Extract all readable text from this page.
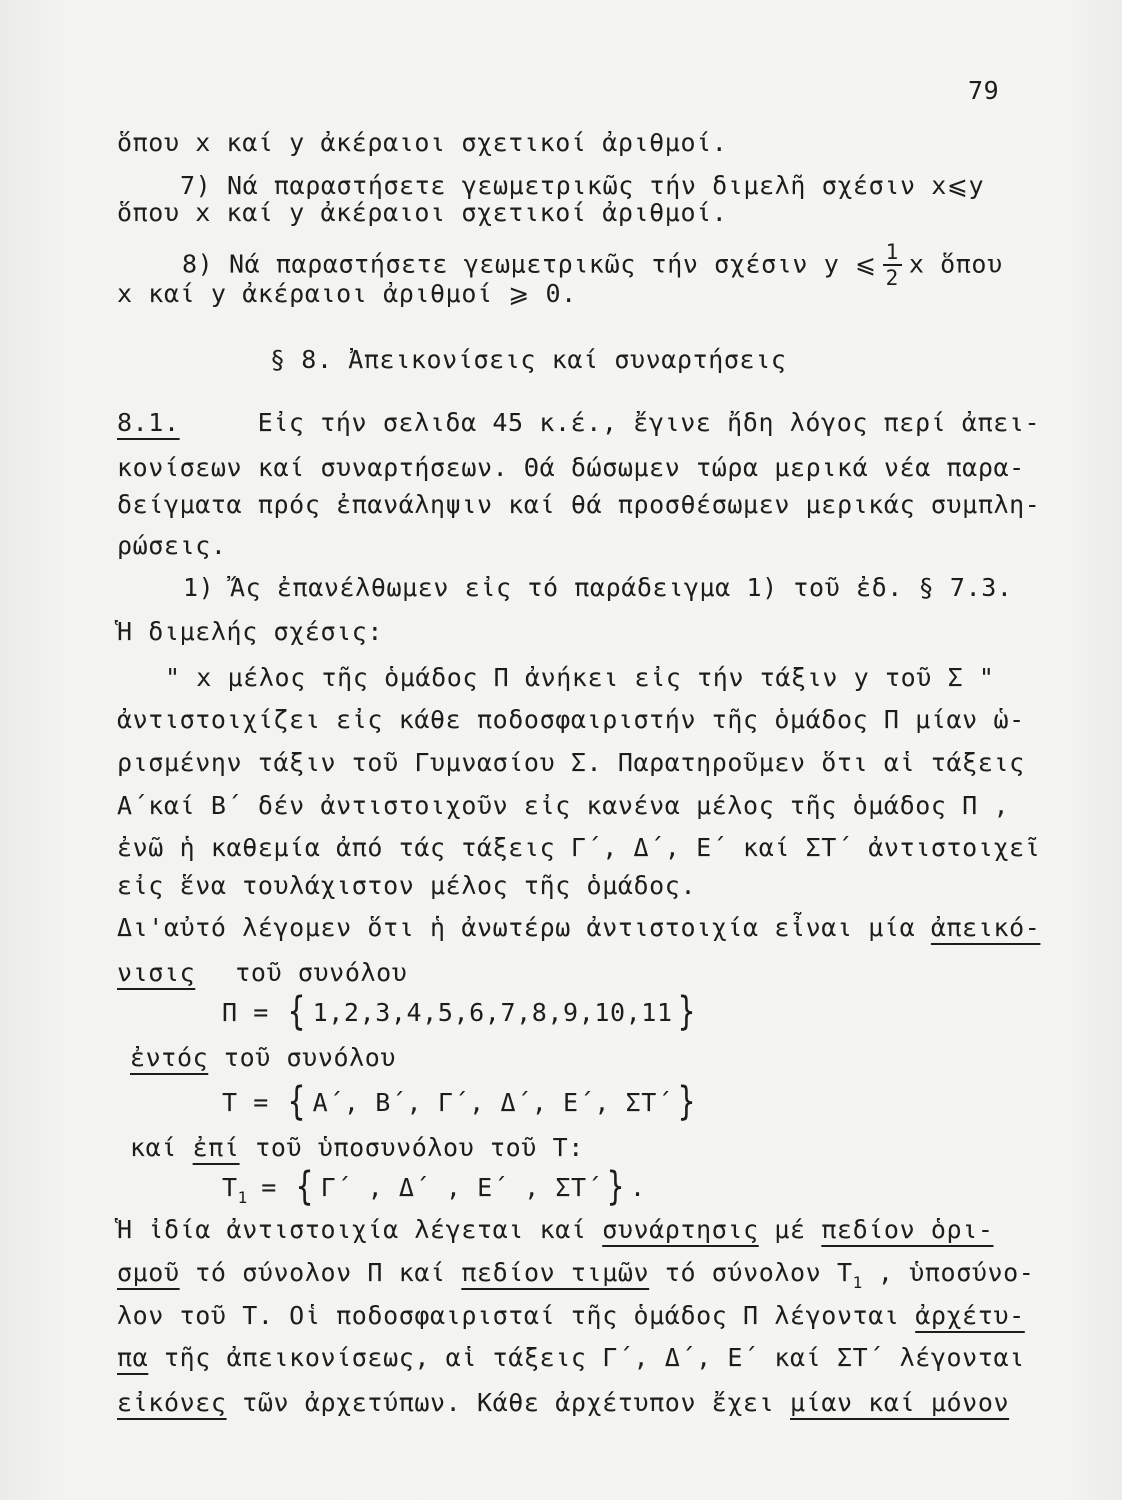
79
ὅπου x καί y ἀκέραιοι σχετικοί ἀριθμοί.
7) Νά παραστήσετε γεωμετρικῶς τήν διμελῆ σχέσιν x⩽y
ὅπου x καί y ἀκέραιοι σχετικοί ἀριθμοί.
8) Νά παραστήσετε γεωμετρικῶς τήν σχέσιν y ⩽ $\frac{1}{2}$ x ὅπου
x καί y ἀκέραιοι ἀριθμοί ⩾ 0.
§ 8. Ἀπεικονίσεις καί συναρτήσεις
8.1.	Εἰς τήν σελιδα 45 κ.έ., ἔγινε ἤδη λόγος περί ἀπει-
κονίσεων καί συναρτήσεων. Θά δώσωμεν τώρα μερικά νέα παρα-
δείγματα πρός ἐπανάληψιν καί θά προσθέσωμεν μερικάς συμπλη-
ρώσεις.
1) Ἄς ἐπανέλθωμεν εἰς τό παράδειγμα 1) τοῦ ἐδ. § 7.3.
Ἡ διμελής σχέσις:
" x μέλος τῆς ὁμάδος Π ἀνήκει εἰς τήν τάξιν y τοῦ Σ "
ἀντιστοιχίζει εἰς κάθε ποδοσφαιριστήν τῆς ὁμάδος Π μίαν ὡ-
ρισμένην τάξιν τοῦ Γυμνασίου Σ. Παρατηροῦμεν ὅτι αἱ τάξεις
Α΄καί Β΄ δέν ἀντιστοιχοῦν εἰς κανένα μέλος τῆς ὁμάδος Π ,
ἐνῶ ἡ καθεμία ἀπό τάς τάξεις Γ΄, Δ΄, Ε΄ καί ΣΤ΄ ἀντιστοιχεῖ
εἰς ἕνα τουλάχιστον μέλος τῆς ὁμάδος.
Δι'αὐτό λέγομεν ὅτι ἡ ἀνωτέρω ἀντιστοιχία εἶναι μία ἀπεικό-
νισις τοῦ συνόλου
Π = { 1,2,3,4,5,6,7,8,9,10,11 }
ἐντός τοῦ συνόλου
Τ = { Α΄, Β΄, Γ΄, Δ΄, Ε΄, ΣΤ΄ }
καί ἐπί τοῦ ὑποσυνόλου τοῦ Τ:
$T_1$ = { Γ΄ , Δ΄ , Ε΄ , ΣΤ΄ } .
Ἡ ἰδία ἀντιστοιχία λέγεται καί συνάρτησις μέ πεδίον ὁρι-
σμοῦ τό σύνολον Π καί πεδίον τιμῶν τό σύνολον $T_1$ , ὑποσύνο-
λον τοῦ Τ. Οἱ ποδοσφαιρισταί τῆς ὁμάδος Π λέγονται ἀρχέτυ-
πα τῆς ἀπεικονίσεως, αἱ τάξεις Γ΄, Δ΄, Ε΄ καί ΣΤ΄ λέγονται
εἰκόνες τῶν ἀρχετύπων. Κάθε ἀρχέτυπον ἔχει μίαν καί μόνον
